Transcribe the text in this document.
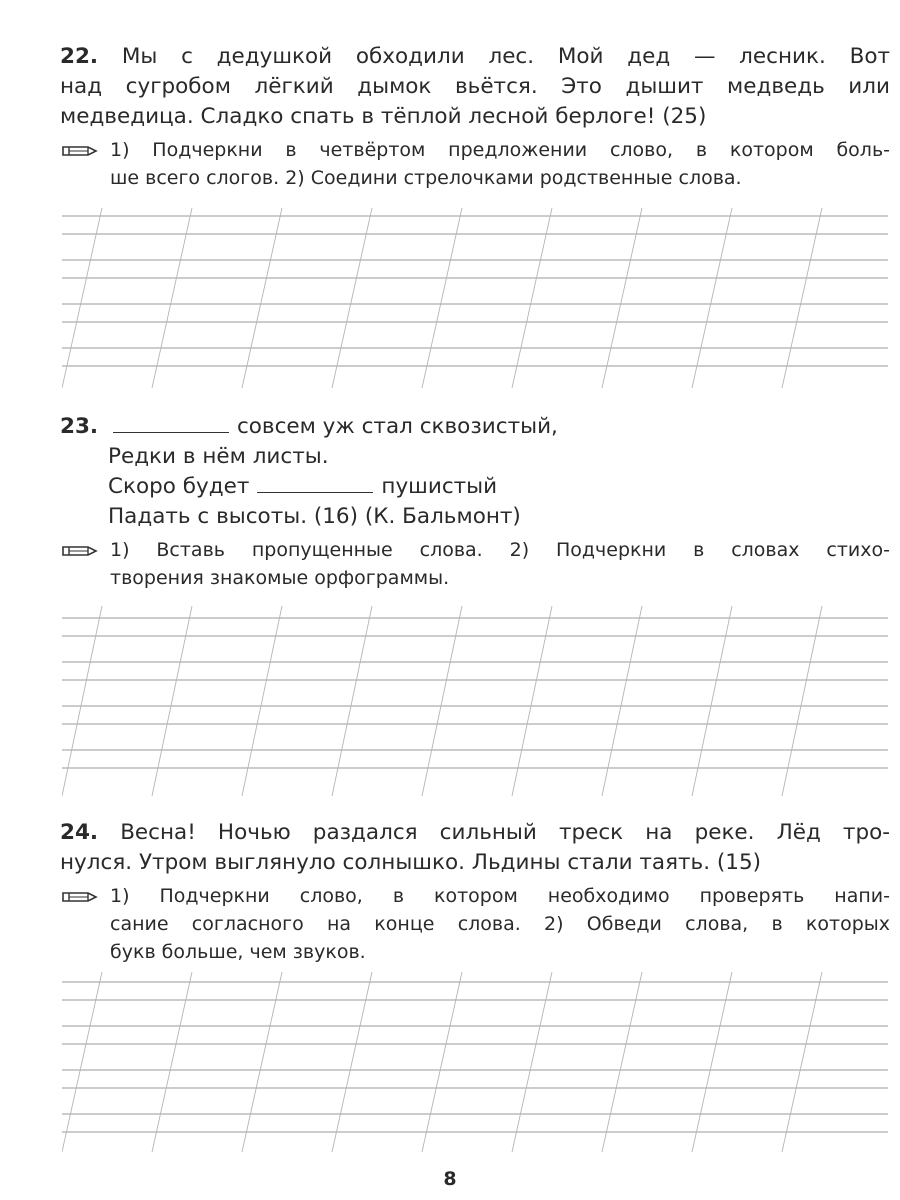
22. Мы с дедушкой обходили лес. Мой дед — лесник. Вот

над сугробом лёгкий дымок вьётся. Это дышит медведь или

медведица. Сладко спать в тёплой лесной берлоге! (25)

1) Подчеркни в четвёртом предложении слово, в котором боль-

ше всего слогов. 2) Соедини стрелочками родственные слова.

23.	совсем уж стал сквозистый,

Редки в нём листы.

Скоро будет	пушистый

Падать с высоты. (16) (К. Бальмонт)

1) Вставь пропущенные слова. 2) Подчеркни в словах стихо-

творения знакомые орфограммы.

24. Весна! Ночью раздался сильный треск на реке. Лёд тро-

нулся. Утром выглянуло солнышко. Льдины стали таять. (15)

1) Подчеркни слово, в котором необходимо проверять напи-

сание согласного на конце слова. 2) Обведи слова, в которых

букв больше, чем звуков.

8
